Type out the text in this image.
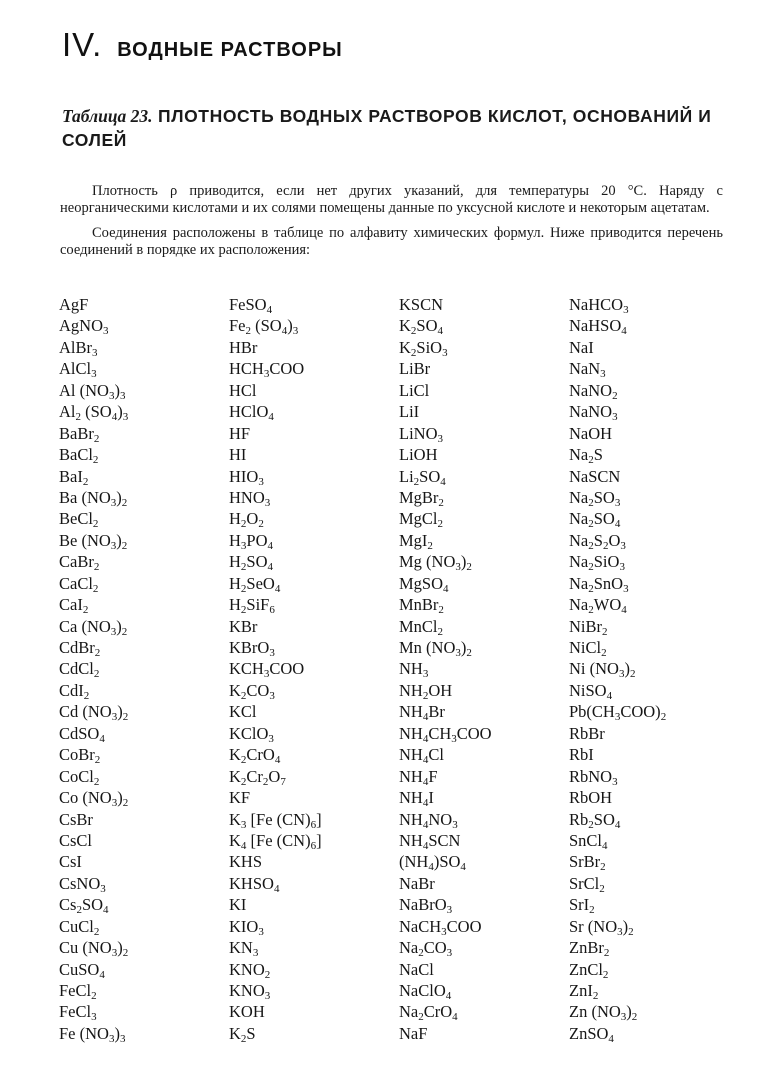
IV. ВОДНЫЕ РАСТВОРЫ
Таблица 23. ПЛОТНОСТЬ ВОДНЫХ РАСТВОРОВ КИСЛОТ, ОСНОВАНИЙ И СОЛЕЙ

Плотность ρ приводится, если нет других указаний, для температуры 20 °С. Наряду с неорганическими кислотами и их солями помещены данные по уксусной кислоте и некоторым ацетатам.

Соединения расположены в таблице по алфавиту химических формул. Ниже приводится перечень соединений в порядке их расположения:

AgF
AgNO$_3$
AlBr$_3$
AlCl$_3$
Al $(NO_3)_3$
$Al_2$ $(SO_4)_3$
BaBr$_2$
BaCl$_2$
BaI$_2$
Ba $(NO_3)_2$
BeCl$_2$
Be $(NO_3)_2$
CaBr$_2$
CaCl$_2$
CaI$_2$
Ca $(NO_3)_2$
CdBr$_2$
CdCl$_2$
CdI$_2$
Cd $(NO_3)_2$
CdSO$_4$
CoBr$_2$
CoCl$_2$
Co $(NO_3)_2$
CsBr
CsCl
CsI
CsNO$_3$
$Cs_2SO_4$
CuCl$_2$
Cu $(NO_3)_2$
CuSO$_4$
FeCl$_2$
FeCl$_3$
Fe $(NO_3)_3$
FeSO$_4$
$Fe_2$ $(SO_4)_3$
HBr
$HCH_3COO$
HCl
HClO$_4$
HF
HI
$HIO_3$
$HNO_3$
$H_2O_2$
$H_3PO_4$
$H_2SO_4$
$H_2SeO_4$
$H_2SiF_6$
KBr
KBrO$_3$
$KCH_3COO$
$K_2CO_3$
KCl
KClO$_3$
$K_2CrO_4$
$K_2Cr_2O_7$
KF
$K_3$ [Fe $(CN)_6$]
$K_4$ [Fe $(CN)_6$]
KHS
$KHSO_4$
KI
$KIO_3$
$KN_3$
$KNO_2$
$KNO_3$
KOH
$K_2S$
KSCN
$K_2SO_4$
$K_2SiO_3$
LiBr
LiCl
LiI
LiNO$_3$
LiOH
$Li_2SO_4$
MgBr$_2$
MgCl$_2$
MgI$_2$
Mg $(NO_3)_2$
MgSO$_4$
MnBr$_2$
MnCl$_2$
Mn $(NO_3)_2$
$NH_3$
$NH_2OH$
$NH_4Br$
$NH_4CH_3COO$
$NH_4Cl$
$NH_4F$
$NH_4I$
$NH_4NO_3$
$NH_4SCN$
$(NH_4)SO_4$
NaBr
NaBrO$_3$
NaCH$_3$COO
$Na_2CO_3$
NaCl
NaClO$_4$
$Na_2CrO_4$
NaF
NaHCO$_3$
NaHSO$_4$
NaI
NaN$_3$
NaNO$_2$
NaNO$_3$
NaOH
$Na_2S$
NaSCN
$Na_2SO_3$
$Na_2SO_4$
$Na_2S_2O_3$
$Na_2SiO_3$
$Na_2SnO_3$
$Na_2WO_4$
NiBr$_2$
NiCl$_2$
Ni $(NO_3)_2$
NiSO$_4$
$Pb(CH_3COO)_2$
RbBr
RbI
RbNO$_3$
RbOH
$Rb_2SO_4$
SnCl$_4$
SrBr$_2$
SrCl$_2$
SrI$_2$
Sr $(NO_3)_2$
ZnBr$_2$
ZnCl$_2$
ZnI$_2$
Zn $(NO_3)_2$
ZnSO$_4$
